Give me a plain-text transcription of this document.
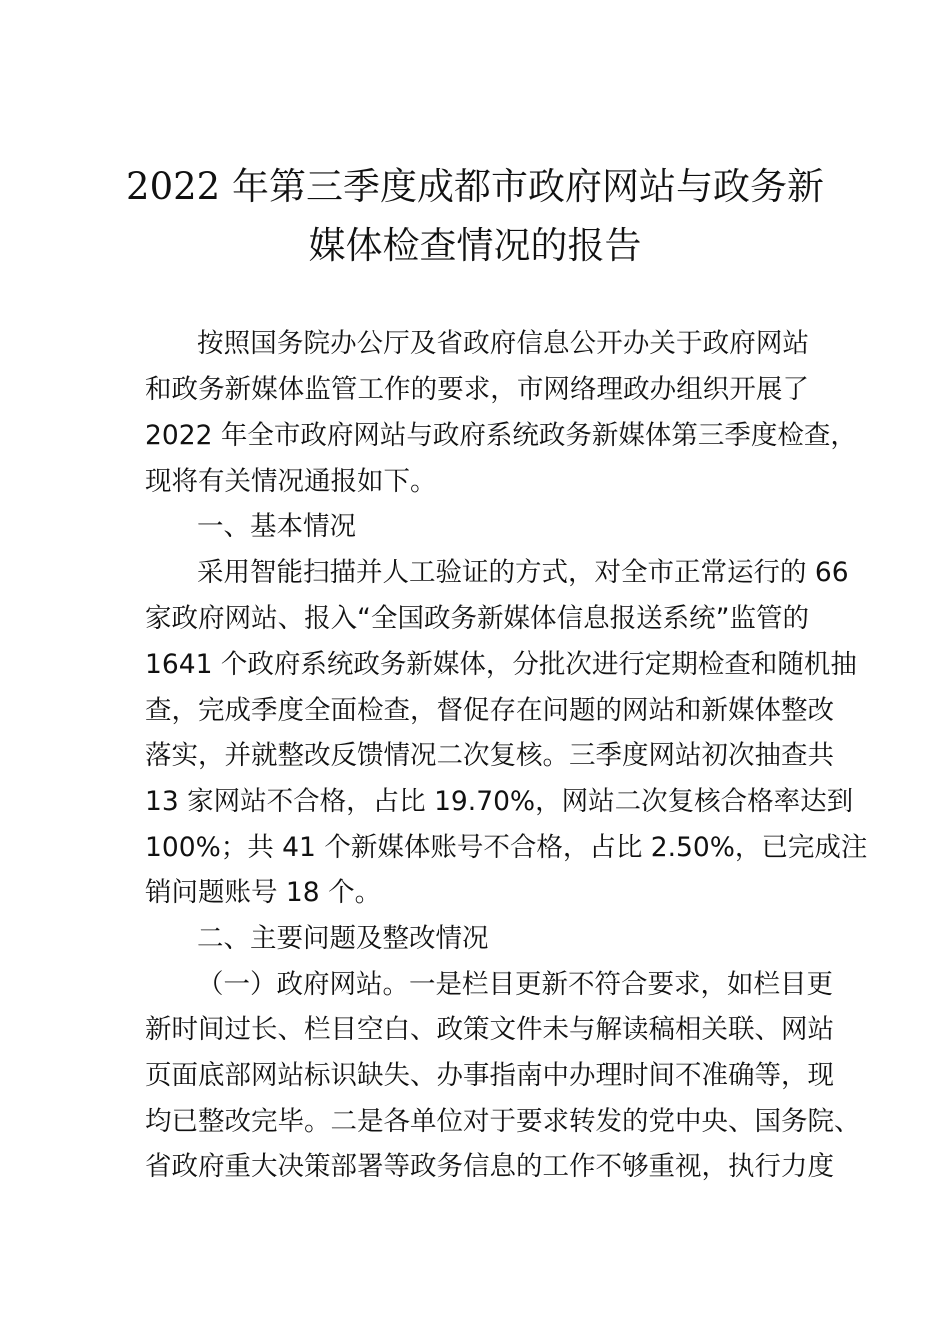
2022 年第三季度成都市政府网站与政务新
媒体检查情况的报告
按照国务院办公厅及省政府信息公开办关于政府网站
和政务新媒体监管工作的要求，市网络理政办组织开展了
2022 年全市政府网站与政府系统政务新媒体第三季度检查，
现将有关情况通报如下。
一、基本情况
采用智能扫描并人工验证的方式，对全市正常运行的 66
家政府网站、报入“全国政务新媒体信息报送系统”监管的
1641 个政府系统政务新媒体，分批次进行定期检查和随机抽
查，完成季度全面检查，督促存在问题的网站和新媒体整改
落实，并就整改反馈情况二次复核。三季度网站初次抽查共
13 家网站不合格，占比 19.70%，网站二次复核合格率达到
100%；共 41 个新媒体账号不合格，占比 2.50%，已完成注
销问题账号 18 个。
二、主要问题及整改情况
（一）政府网站。一是栏目更新不符合要求，如栏目更
新时间过长、栏目空白、政策文件未与解读稿相关联、网站
页面底部网站标识缺失、办事指南中办理时间不准确等，现
均已整改完毕。二是各单位对于要求转发的党中央、国务院、
省政府重大决策部署等政务信息的工作不够重视，执行力度
